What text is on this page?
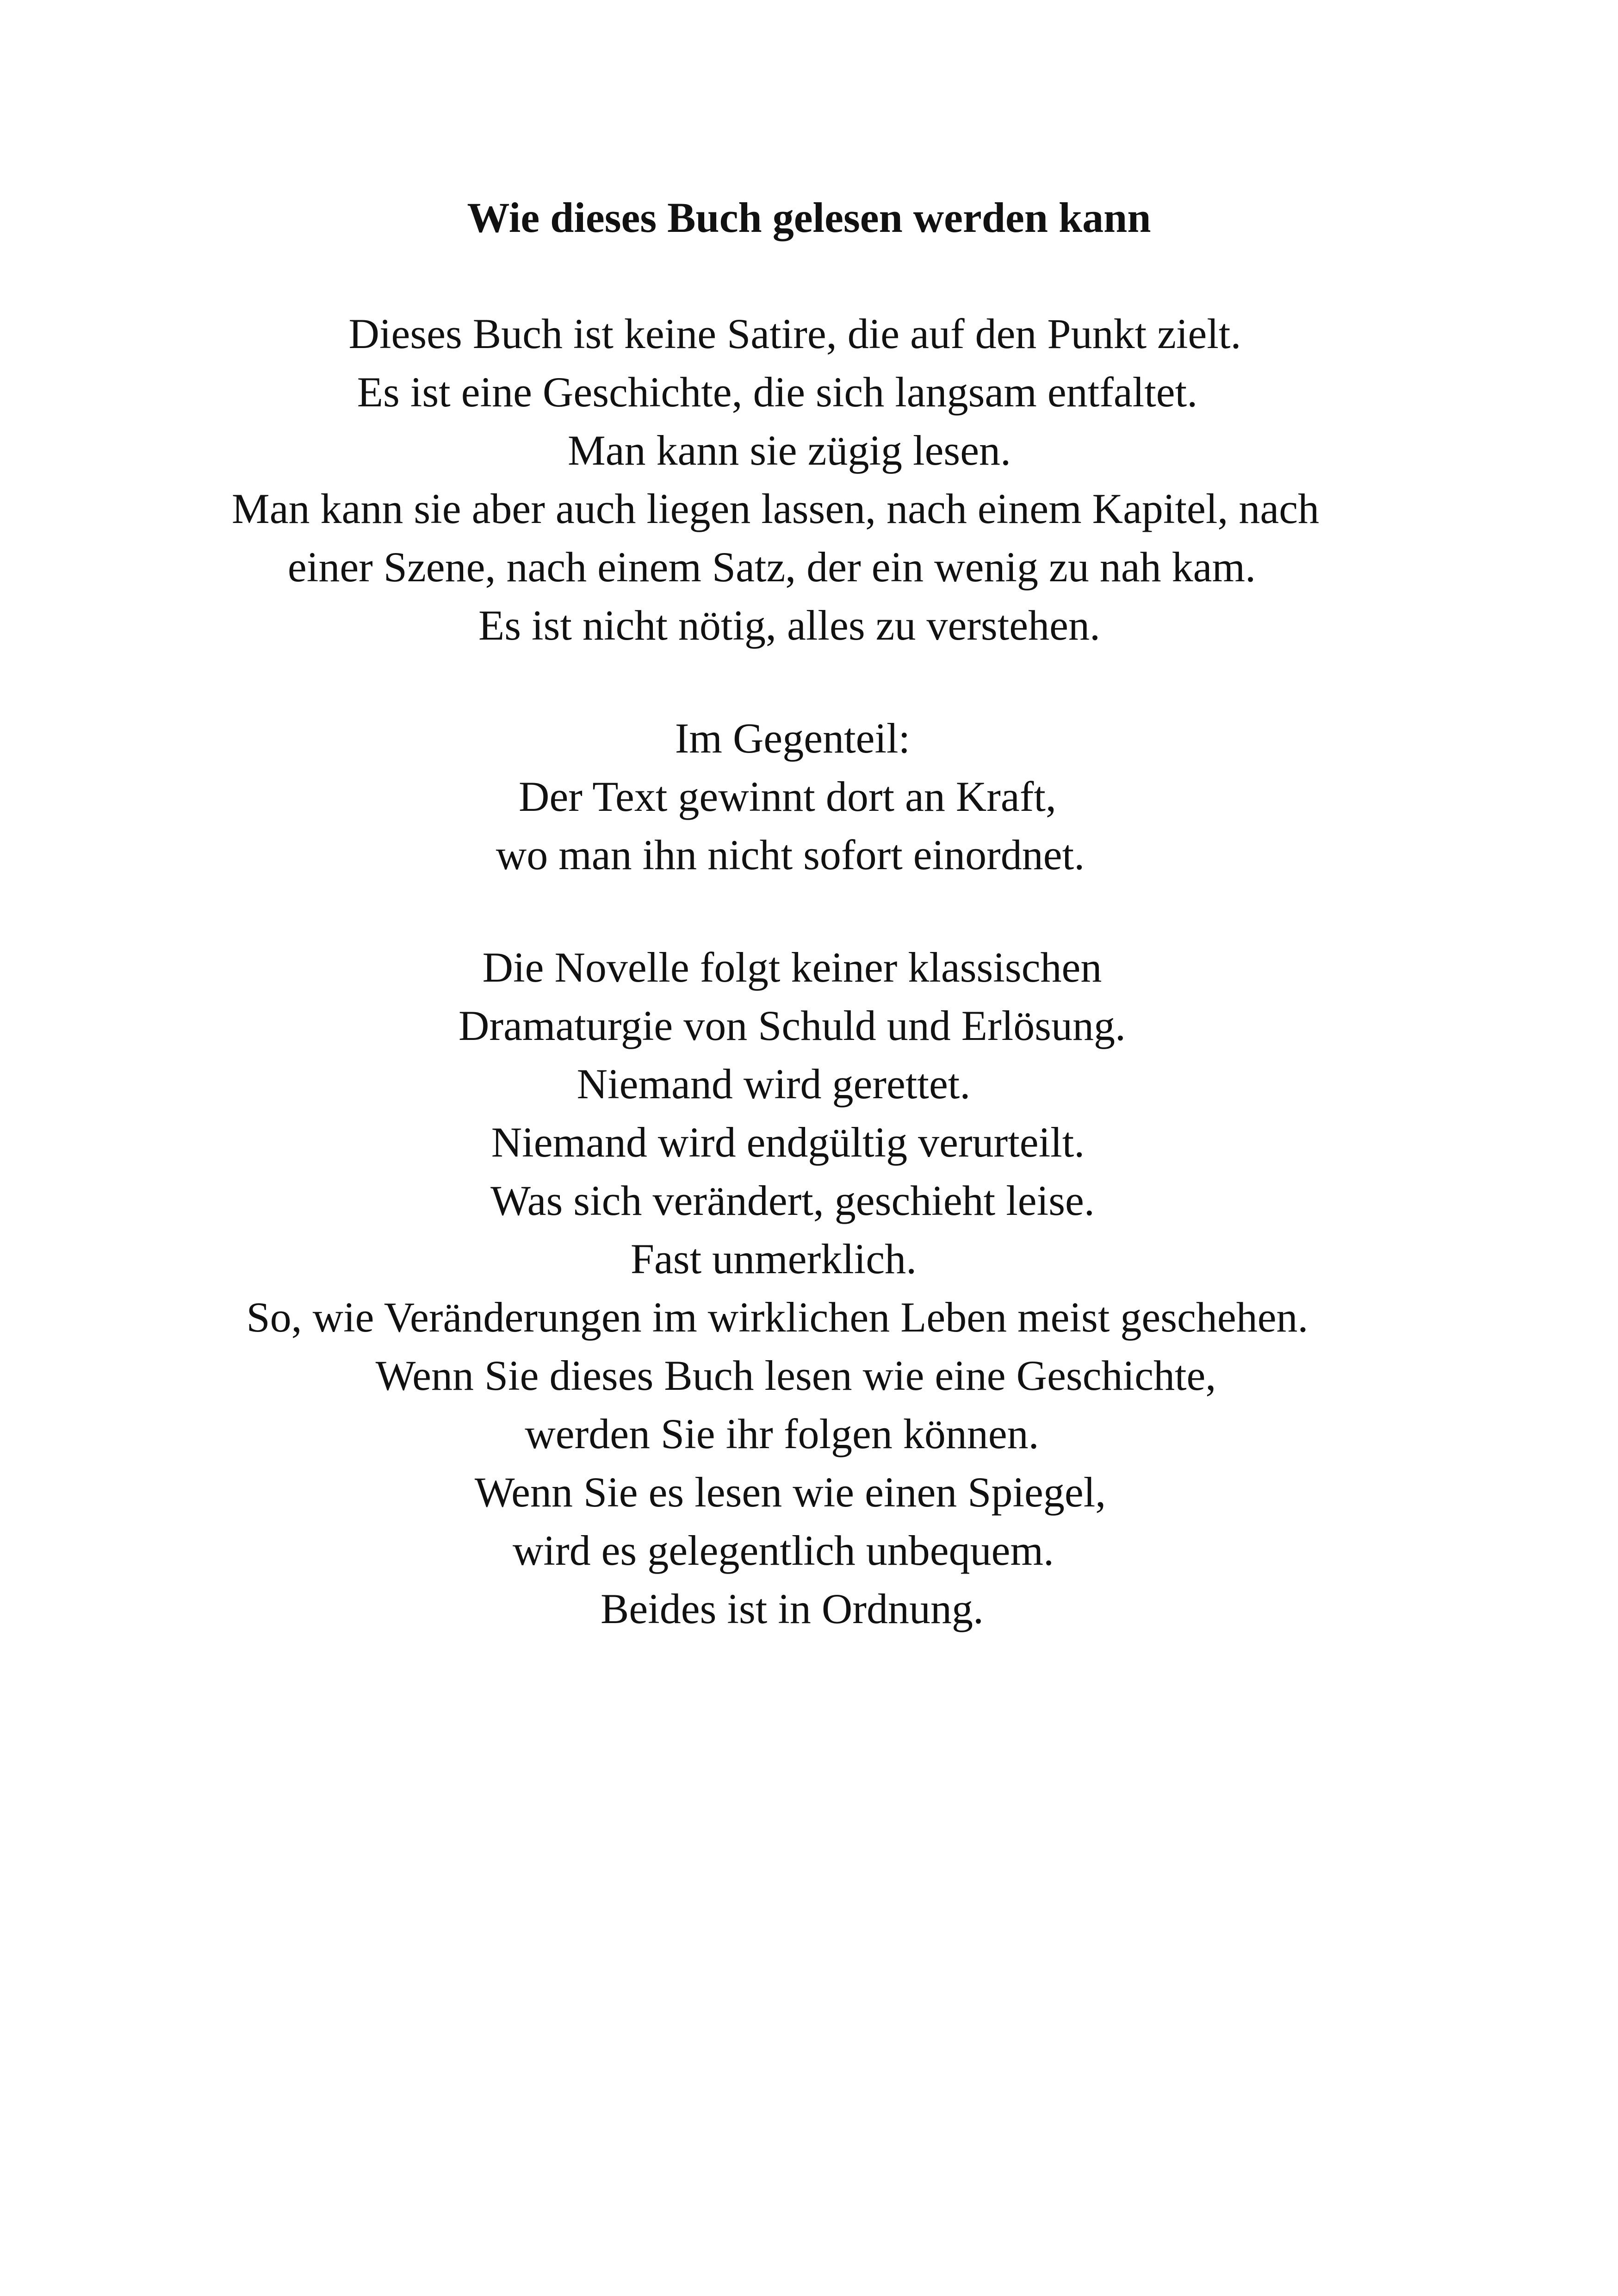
Wie dieses Buch gelesen werden kann
Dieses Buch ist keine Satire, die auf den Punkt zielt.
Es ist eine Geschichte, die sich langsam entfaltet.
Man kann sie zügig lesen.
Man kann sie aber auch liegen lassen, nach einem Kapitel, nach
einer Szene, nach einem Satz, der ein wenig zu nah kam.
Es ist nicht nötig, alles zu verstehen.
Im Gegenteil:
Der Text gewinnt dort an Kraft,
wo man ihn nicht sofort einordnet.
Die Novelle folgt keiner klassischen
Dramaturgie von Schuld und Erlösung.
Niemand wird gerettet.
Niemand wird endgültig verurteilt.
Was sich verändert, geschieht leise.
Fast unmerklich.
So, wie Veränderungen im wirklichen Leben meist geschehen.
Wenn Sie dieses Buch lesen wie eine Geschichte,
werden Sie ihr folgen können.
Wenn Sie es lesen wie einen Spiegel,
wird es gelegentlich unbequem.
Beides ist in Ordnung.
